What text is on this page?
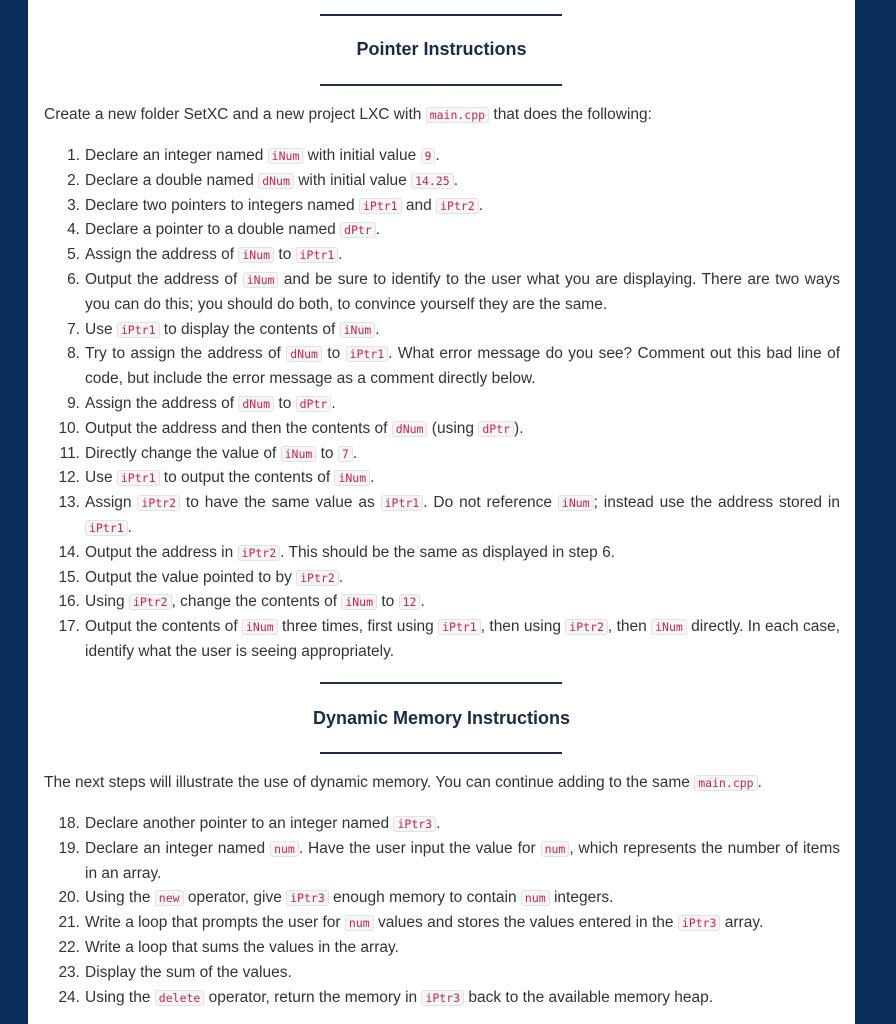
Pointer Instructions
Create a new folder SetXC and a new project LXC with main.cpp that does the following:
1. Declare an integer named iNum with initial value 9 .
2. Declare a double named dNum with initial value 14.25 .
3. Declare two pointers to integers named iPtr1 and iPtr2 .
4. Declare a pointer to a double named dPtr .
5. Assign the address of iNum to iPtr1 .
6. Output the address of iNum and be sure to identify to the user what you are displaying. There are two ways you can do this; you should do both, to convince yourself they are the same.
7. Use iPtr1 to display the contents of iNum .
8. Try to assign the address of dNum to iPtr1 . What error message do you see? Comment out this bad line of code, but include the error message as a comment directly below.
9. Assign the address of dNum to dPtr .
10. Output the address and then the contents of dNum (using dPtr ).
11. Directly change the value of iNum to 7 .
12. Use iPtr1 to output the contents of iNum .
13. Assign iPtr2 to have the same value as iPtr1 . Do not reference iNum ; instead use the address stored in iPtr1 .
14. Output the address in iPtr2 . This should be the same as displayed in step 6.
15. Output the value pointed to by iPtr2 .
16. Using iPtr2 , change the contents of iNum to 12 .
17. Output the contents of iNum three times, first using iPtr1 , then using iPtr2 , then iNum directly. In each case, identify what the user is seeing appropriately.
Dynamic Memory Instructions
The next steps will illustrate the use of dynamic memory. You can continue adding to the same main.cpp .
18. Declare another pointer to an integer named iPtr3 .
19. Declare an integer named num . Have the user input the value for num , which represents the number of items in an array.
20. Using the new operator, give iPtr3 enough memory to contain num integers.
21. Write a loop that prompts the user for num values and stores the values entered in the iPtr3 array.
22. Write a loop that sums the values in the array.
23. Display the sum of the values.
24. Using the delete operator, return the memory in iPtr3 back to the available memory heap.
